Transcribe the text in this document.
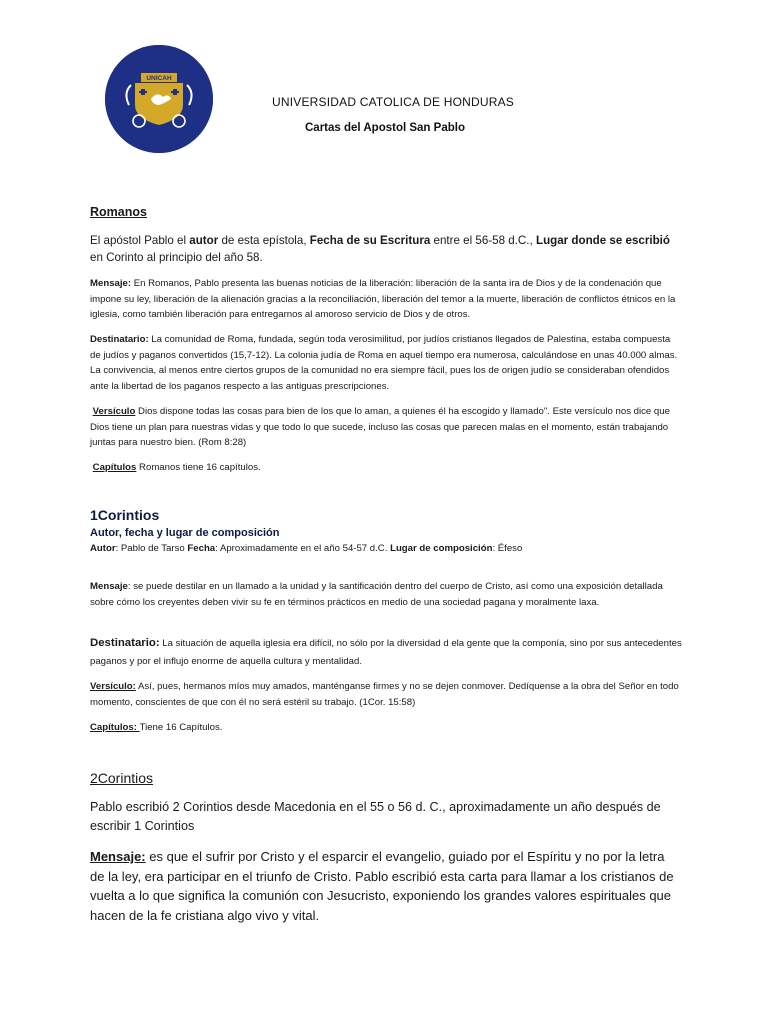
UNICAH
UNIVERSIDAD CATOLICA DE HONDURAS
Cartas del Apostol San Pablo

Romanos

El apóstol Pablo el autor de esta epístola, Fecha de su Escritura entre el 56-58 d.C., Lugar donde se escribió en Corinto al principio del año 58.

Mensaje: En Romanos, Pablo presenta las buenas noticias de la liberación: liberación de la santa ira de Dios y de la condenación que impone su ley, liberación de la alienación gracias a la reconciliación, liberación del temor a la muerte, liberación de conflictos étnicos en la iglesia, como también liberación para entregarnos al amoroso servicio de Dios y de otros.

Destinatario: La comunidad de Roma, fundada, según toda verosimilitud, por judíos cristianos llegados de Palestina, estaba compuesta de judíos y paganos convertidos (15,7-12). La colonia judía de Roma en aquel tiempo era numerosa, calculándose en unas 40.000 almas. La convivencia, al menos entre ciertos grupos de la comunidad no era siempre fácil, pues los de origen judío se consideraban ofendidos ante la libertad de los paganos respecto a las antiguas prescripciones.

Versículo Dios dispone todas las cosas para bien de los que lo aman, a quienes él ha escogido y llamado". Este versículo nos dice que Dios tiene un plan para nuestras vidas y que todo lo que sucede, incluso las cosas que parecen malas en el momento, están trabajando juntas para nuestro bien. (Rom 8:28)

Capítulos Romanos tiene 16 capítulos.

1Corintios

Autor, fecha y lugar de composición

Autor: Pablo de Tarso Fecha: Aproximadamente en el año 54-57 d.C. Lugar de composición: Éfeso

Mensaje: se puede destilar en un llamado a la unidad y la santificación dentro del cuerpo de Cristo, así como una exposición detallada sobre cómo los creyentes deben vivir su fe en términos prácticos en medio de una sociedad pagana y moralmente laxa.

Destinatario: La situación de aquella iglesia era difícil, no sólo por la diversidad d ela gente que la componía, sino por sus antecedentes paganos y por el influjo enorme de aquella cultura y mentalidad.

Versículo: Así, pues, hermanos míos muy amados, manténganse firmes y no se dejen conmover. Dedíquense a la obra del Señor en todo momento, conscientes de que con él no será estéril su trabajo. (1Cor. 15:58)

Capítulos: Tiene 16 Capítulos.

2Corintios

Pablo escribió 2 Corintios desde Macedonia en el 55 o 56 d. C., aproximadamente un año después de escribir 1 Corintios

Mensaje: es que el sufrir por Cristo y el esparcir el evangelio, guiado por el Espíritu y no por la letra de la ley, era participar en el triunfo de Cristo. Pablo escribió esta carta para llamar a los cristianos de vuelta a lo que significa la comunión con Jesucristo, exponiendo los grandes valores espirituales que hacen de la fe cristiana algo vivo y vital.
